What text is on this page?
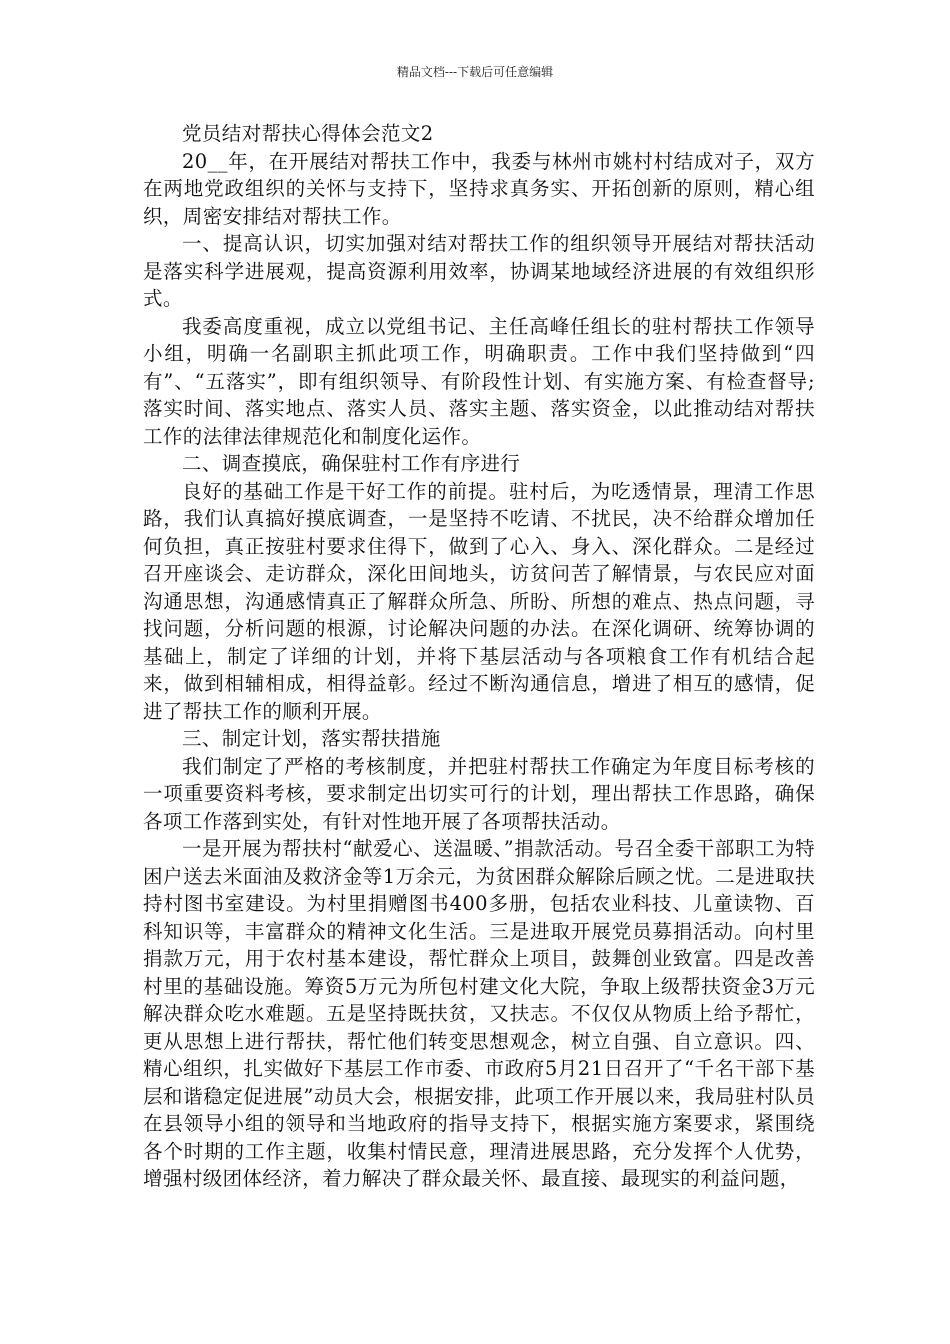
精品文档---下载后可任意编辑

党员结对帮扶心得体会范文2

20__年，在开展结对帮扶工作中，我委与林州市姚村村结成对子，双方在两地党政组织的关怀与支持下，坚持求真务实、开拓创新的原则，精心组织，周密安排结对帮扶工作。

一、提高认识，切实加强对结对帮扶工作的组织领导开展结对帮扶活动是落实科学进展观，提高资源利用效率，协调某地域经济进展的有效组织形式。

我委高度重视，成立以党组书记、主任高峰任组长的驻村帮扶工作领导小组，明确一名副职主抓此项工作，明确职责。工作中我们坚持做到“四有”、“五落实”，即有组织领导、有阶段性计划、有实施方案、有检查督导;落实时间、落实地点、落实人员、落实主题、落实资金，以此推动结对帮扶工作的法律法律规范化和制度化运作。

二、调查摸底，确保驻村工作有序进行

良好的基础工作是干好工作的前提。驻村后，为吃透情景，理清工作思路，我们认真搞好摸底调查，一是坚持不吃请、不扰民，决不给群众增加任何负担，真正按驻村要求住得下，做到了心入、身入、深化群众。二是经过召开座谈会、走访群众，深化田间地头，访贫问苦了解情景，与农民应对面沟通思想，沟通感情真正了解群众所急、所盼、所想的难点、热点问题，寻找问题，分析问题的根源，讨论解决问题的办法。在深化调研、统筹协调的基础上，制定了详细的计划，并将下基层活动与各项粮食工作有机结合起来，做到相辅相成，相得益彰。经过不断沟通信息，增进了相互的感情，促进了帮扶工作的顺利开展。

三、制定计划，落实帮扶措施

我们制定了严格的考核制度，并把驻村帮扶工作确定为年度目标考核的一项重要资料考核，要求制定出切实可行的计划，理出帮扶工作思路，确保各项工作落到实处，有针对性地开展了各项帮扶活动。

一是开展为帮扶村“献爱心、送温暖、”捐款活动。号召全委干部职工为特困户送去米面油及救济金等1万余元，为贫困群众解除后顾之忧。二是进取扶持村图书室建设。为村里捐赠图书400多册，包括农业科技、儿童读物、百科知识等，丰富群众的精神文化生活。三是进取开展党员募捐活动。向村里捐款万元，用于农村基本建设，帮忙群众上项目，鼓舞创业致富。四是改善村里的基础设施。筹资5万元为所包村建文化大院，争取上级帮扶资金3万元解决群众吃水难题。五是坚持既扶贫，又扶志。不仅仅从物质上给予帮忙，更从思想上进行帮扶，帮忙他们转变思想观念，树立自强、自立意识。四、精心组织，扎实做好下基层工作市委、市政府5月21日召开了“千名干部下基层和谐稳定促进展”动员大会，根据安排，此项工作开展以来，我局驻村队员在县领导小组的领导和当地政府的指导支持下，根据实施方案要求，紧围绕各个时期的工作主题，收集村情民意，理清进展思路，充分发挥个人优势，增强村级团体经济，着力解决了群众最关怀、最直接、最现实的利益问题，
